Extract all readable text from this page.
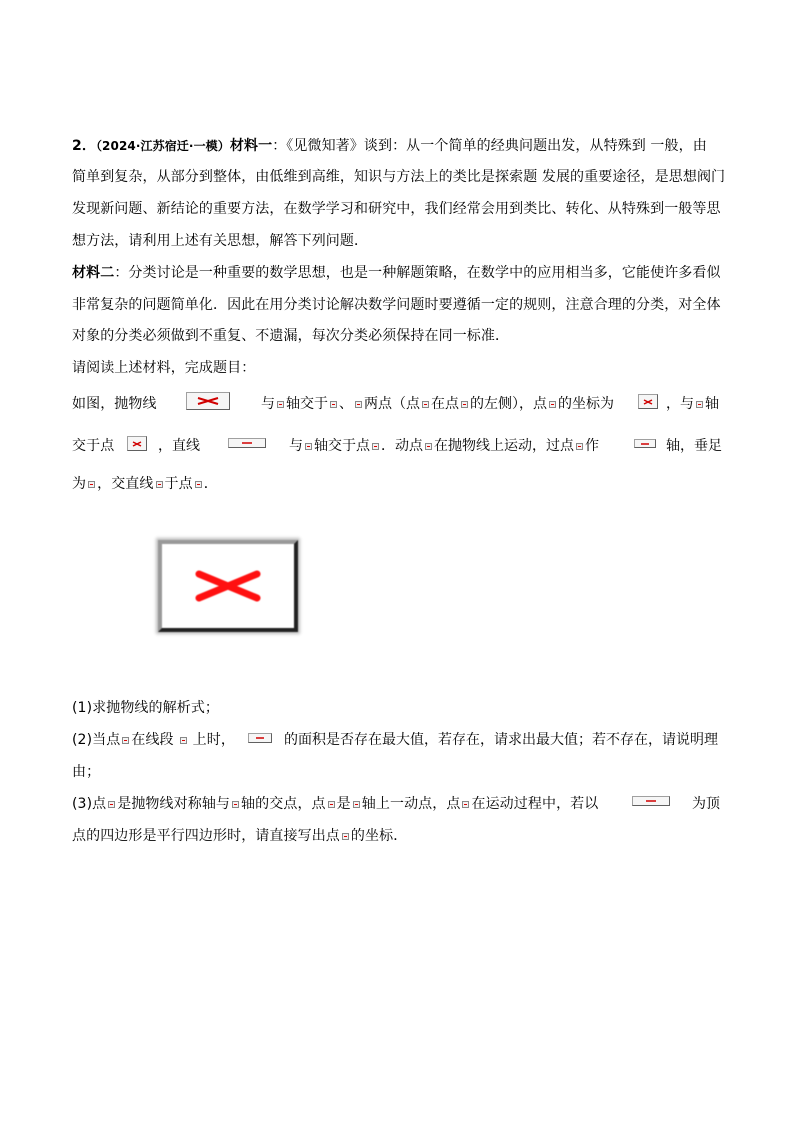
2．（2024·江苏宿迁·一模）材料一：《见微知著》谈到：从一个简单的经典问题出发，从特殊到 一般，由
简单到复杂，从部分到整体，由低维到高维，知识与方法上的类比是探索题 发展的重要途径，是思想阀门
发现新问题、新结论的重要方法，在数学学习和研究中，我们经常会用到类比、转化、从特殊到一般等思
想方法，请利用上述有关思想，解答下列问题．
材料二：分类讨论是一种重要的数学思想，也是一种解题策略，在数学中的应用相当多，它能使许多看似
非常复杂的问题简单化．因此在用分类讨论解决数学问题时要遵循一定的规则，注意合理的分类，对全体
对象的分类必须做到不重复、不遗漏，每次分类必须保持在同一标准．
请阅读上述材料，完成题目：
如图，抛物线	与 轴交于 、 两点（点 在点 的左侧），点 的坐标为	，与 轴
交于点	，直线	与 轴交于点 ．动点 在抛物线上运动，过点 作	轴，垂足
为 ，交直线 于点 ．
(1)求抛物线的解析式；
(2)当点 在线段 上时，	的面积是否存在最大值，若存在，请求出最大值；若不存在，请说明理
由；
(3)点 是抛物线对称轴与 轴的交点，点 是 轴上一动点，点 在运动过程中，若以	为顶
点的四边形是平行四边形时，请直接写出点 的坐标．
